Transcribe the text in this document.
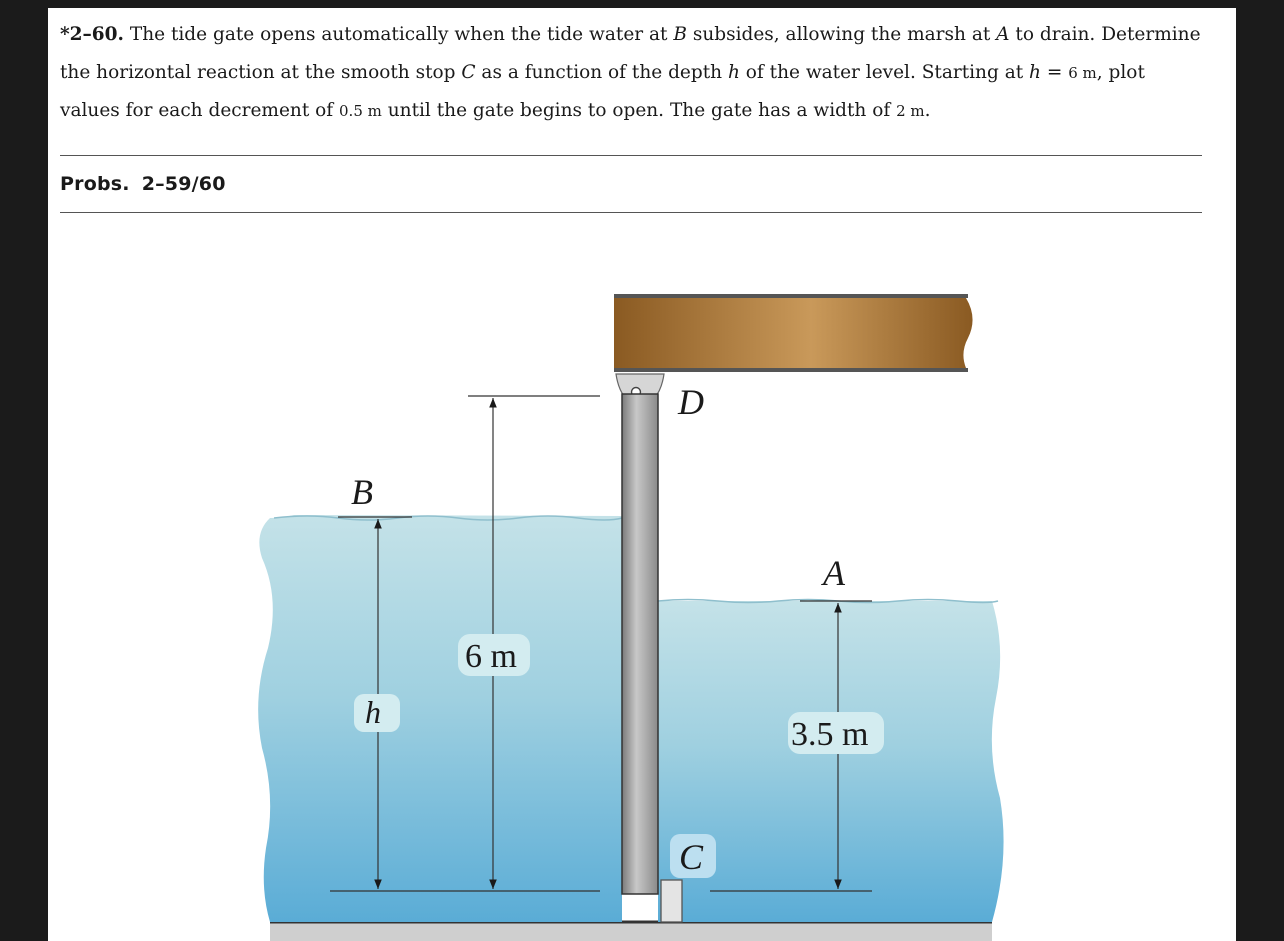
*2–60. The tide gate opens automatically when the tide water at B subsides, allowing the marsh at A to drain. Determine the horizontal reaction at the smooth stop C as a function of the depth h of the water level. Starting at h = 6 m, plot values for each decrement of 0.5 m until the gate begins to open. The gate has a width of 2 m.

Probs. 2–59/60
B
A
D
C
h
6 m
3.5 m
